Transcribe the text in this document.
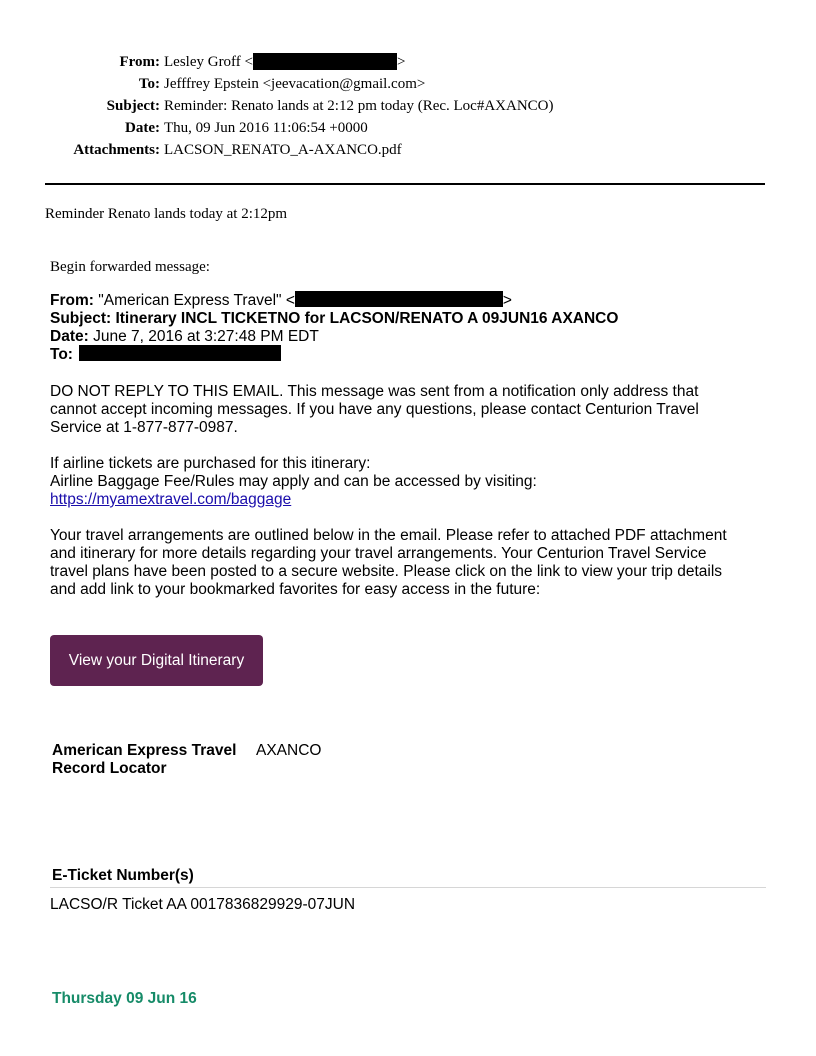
From: Lesley Groff <	>
To: Jefffrey Epstein <jeevacation@gmail.com>
Subject: Reminder: Renato lands at 2:12 pm today (Rec. Loc#AXANCO)
Date: Thu, 09 Jun 2016 11:06:54 +0000
Attachments: LACSON_RENATO_A-AXANCO.pdf
Reminder Renato lands today at 2:12pm
Begin forwarded message:
From: "American Express Travel" <	>
Subject: Itinerary INCL TICKETNO for LACSON/RENATO A 09JUN16 AXANCO
Date: June 7, 2016 at 3:27:48 PM EDT
To:
DO NOT REPLY TO THIS EMAIL. This message was sent from a notification only address that
cannot accept incoming messages. If you have any questions, please contact Centurion Travel
Service at 1-877-877-0987.
If airline tickets are purchased for this itinerary:
Airline Baggage Fee/Rules may apply and can be accessed by visiting:
https://myamextravel.com/baggage
Your travel arrangements are outlined below in the email. Please refer to attached PDF attachment
and itinerary for more details regarding your travel arrangements. Your Centurion Travel Service
travel plans have been posted to a secure website. Please click on the link to view your trip details
and add link to your bookmarked favorites for easy access in the future:
View your Digital Itinerary
American Express Travel
Record Locator
AXANCO
E-Ticket Number(s)
LACSO/R Ticket AA 0017836829929-07JUN
Thursday 09 Jun 16
